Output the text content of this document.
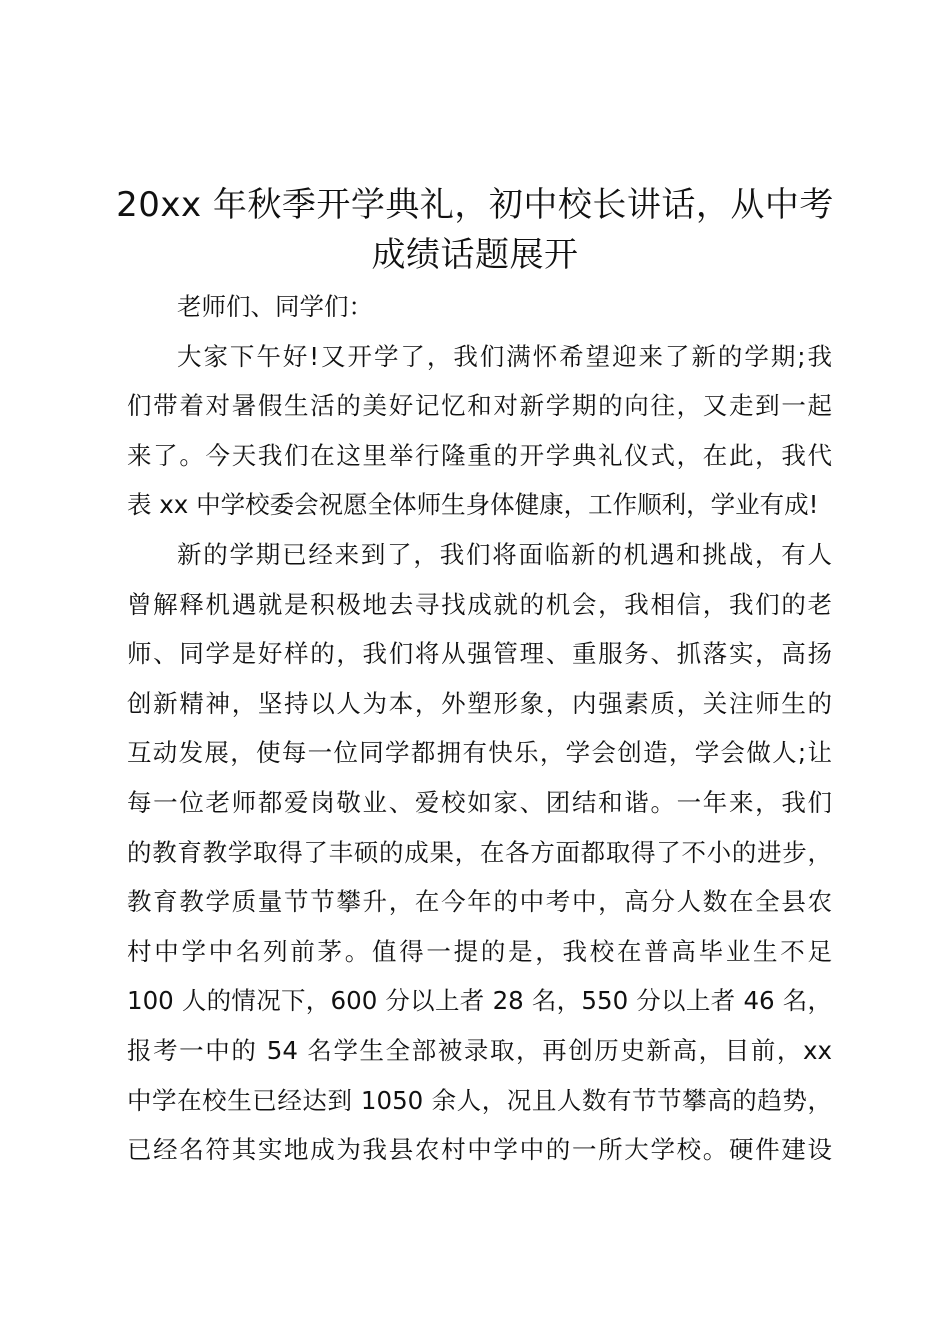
20xx 年秋季开学典礼，初中校长讲话，从中考成绩话题展开
老师们、同学们：
大家下午好!又开学了，我们满怀希望迎来了新的学期;我
们带着对暑假生活的美好记忆和对新学期的向往，又走到一起
来了。今天我们在这里举行隆重的开学典礼仪式，在此，我代
表 xx 中学校委会祝愿全体师生身体健康，工作顺利，学业有成!
新的学期已经来到了，我们将面临新的机遇和挑战，有人
曾解释机遇就是积极地去寻找成就的机会，我相信，我们的老
师、同学是好样的，我们将从强管理、重服务、抓落实，高扬
创新精神，坚持以人为本，外塑形象，内强素质，关注师生的
互动发展，使每一位同学都拥有快乐，学会创造，学会做人;让
每一位老师都爱岗敬业、爱校如家、团结和谐。一年来，我们
的教育教学取得了丰硕的成果，在各方面都取得了不小的进步，
教育教学质量节节攀升，在今年的中考中，高分人数在全县农
村中学中名列前茅。值得一提的是，我校在普高毕业生不足
100 人的情况下，600 分以上者 28 名，550 分以上者 46 名，
报考一中的 54 名学生全部被录取，再创历史新高，目前，xx
中学在校生已经达到 1050 余人，况且人数有节节攀高的趋势，
已经名符其实地成为我县农村中学中的一所大学校。硬件建设
